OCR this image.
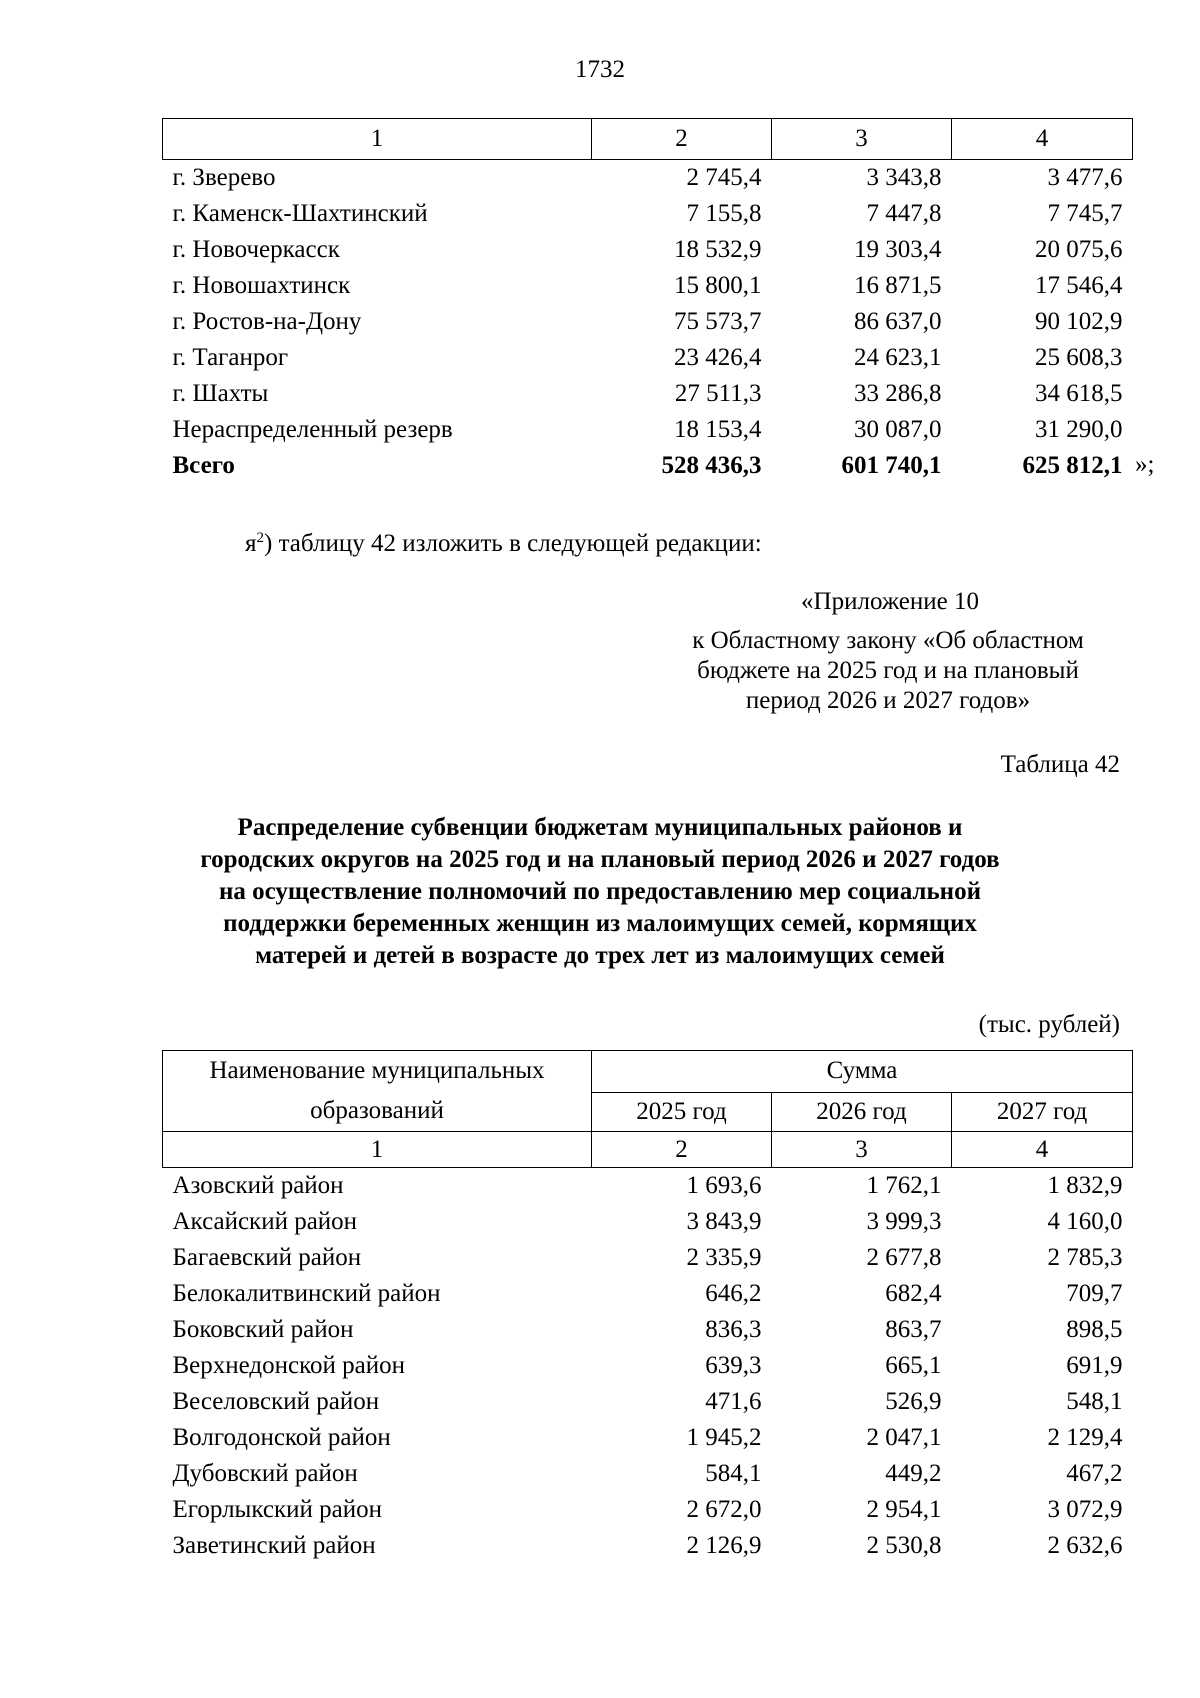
1732
1	2	3	4
г. Зверево	2 745,4	3 343,8	3 477,6
г. Каменск-Шахтинский	7 155,8	7 447,8	7 745,7
г. Новочеркасск	18 532,9	19 303,4	20 075,6
г. Новошахтинск	15 800,1	16 871,5	17 546,4
г. Ростов-на-Дону	75 573,7	86 637,0	90 102,9
г. Таганрог	23 426,4	24 623,1	25 608,3
г. Шахты	27 511,3	33 286,8	34 618,5
Нераспределенный резерв	18 153,4	30 087,0	31 290,0
Всего	528 436,3	601 740,1	625 812,1 »;
$я^2$) таблицу 42 изложить в следующей редакции:
«Приложение 10
к Областному закону «Об областном
бюджете на 2025 год и на плановый
период 2026 и 2027 годов»
Таблица 42
Распределение субвенции бюджетам муниципальных районов и
городских округов на 2025 год и на плановый период 2026 и 2027 годов
на осуществление полномочий по предоставлению мер социальной
поддержки беременных женщин из малоимущих семей, кормящих
матерей и детей в возрасте до трех лет из малоимущих семей
(тыс. рублей)
Наименование муниципальных образований	Сумма		
	2025 год	2026 год	2027 год
1	2	3	4
Азовский район	1 693,6	1 762,1	1 832,9
Аксайский район	3 843,9	3 999,3	4 160,0
Багаевский район	2 335,9	2 677,8	2 785,3
Белокалитвинский район	646,2	682,4	709,7
Боковский район	836,3	863,7	898,5
Верхнедонской район	639,3	665,1	691,9
Веселовский район	471,6	526,9	548,1
Волгодонской район	1 945,2	2 047,1	2 129,4
Дубовский район	584,1	449,2	467,2
Егорлыкский район	2 672,0	2 954,1	3 072,9
Заветинский район	2 126,9	2 530,8	2 632,6
